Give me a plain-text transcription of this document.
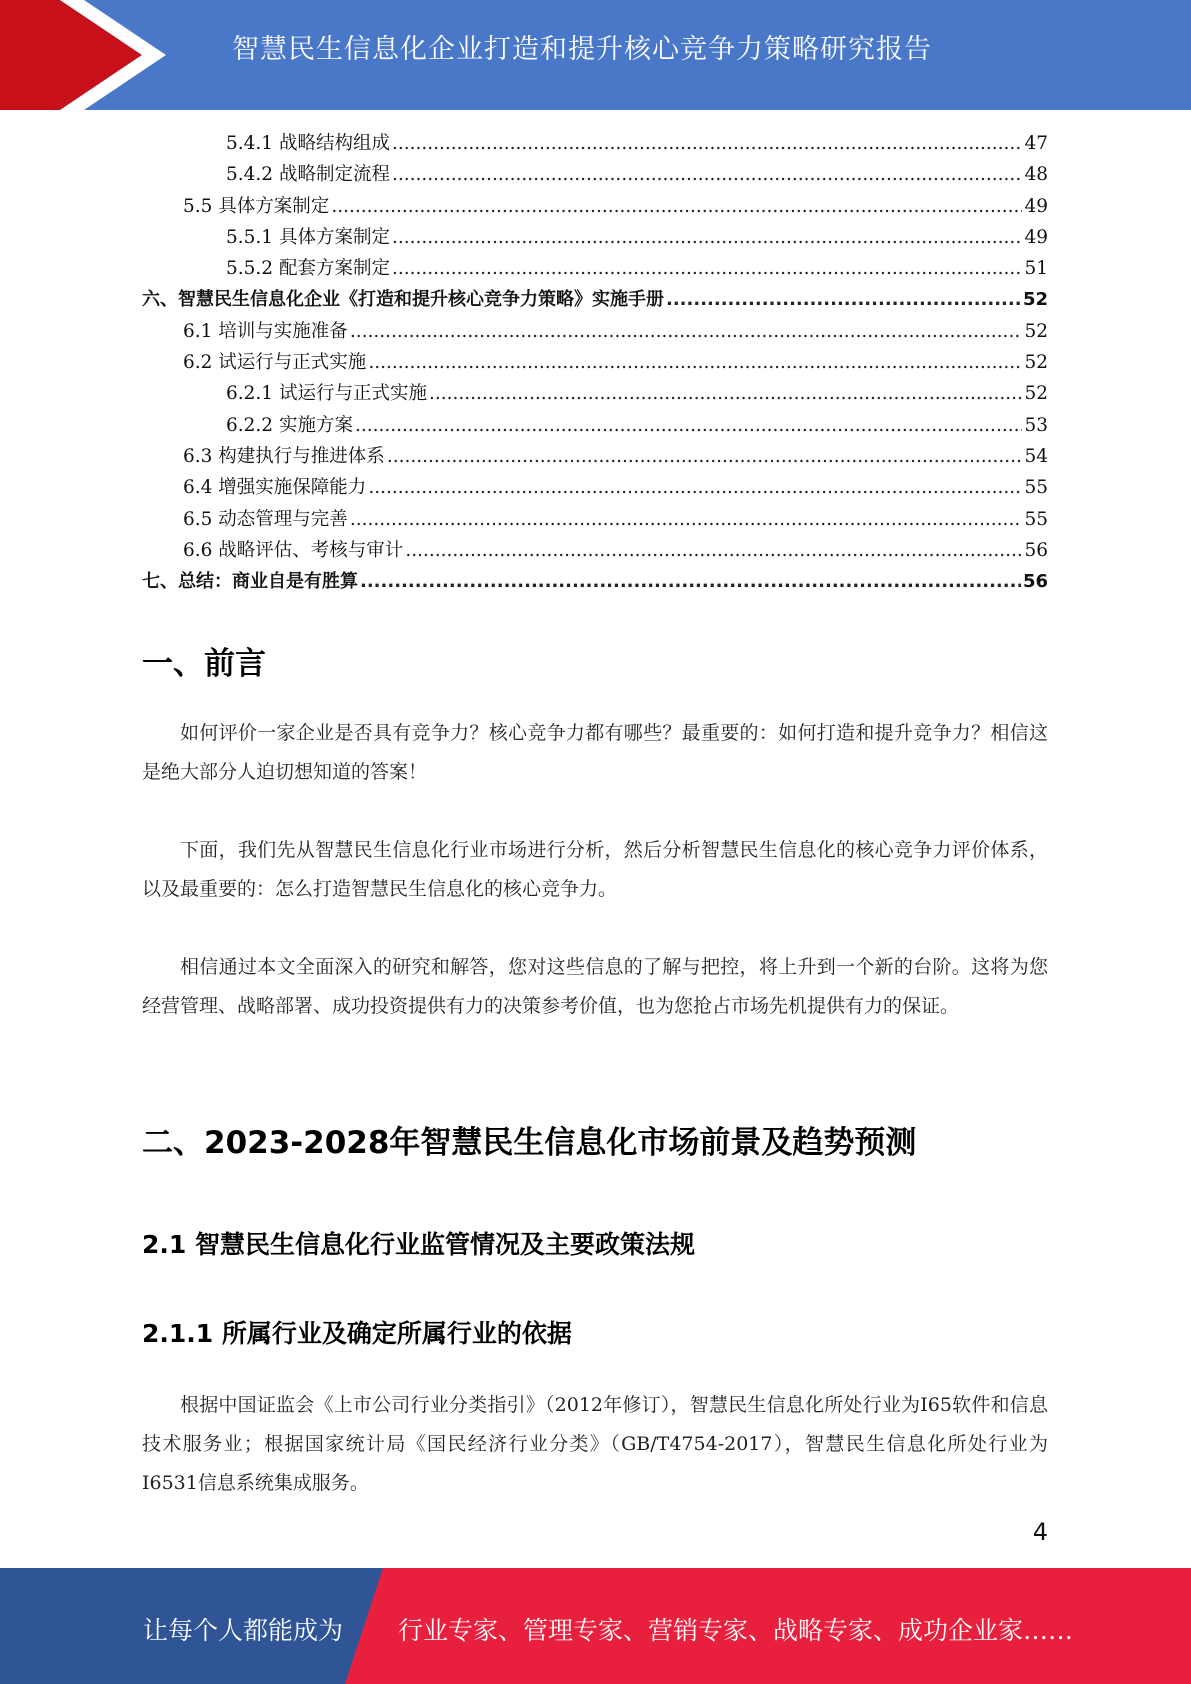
智慧民生信息化企业打造和提升核心竞争力策略研究报告
5.4.1 战略结构组成 .....	47
5.4.2 战略制定流程 .....	48
5.5 具体方案制定 .....	49
5.5.1 具体方案制定 .....	49
5.5.2 配套方案制定 .....	51
六、智慧民生信息化企业《打造和提升核心竞争力策略》实施手册 .....	52
6.1 培训与实施准备 .....	52
6.2 试运行与正式实施 .....	52
6.2.1 试运行与正式实施 .....	52
6.2.2 实施方案 .....	53
6.3 构建执行与推进体系 .....	54
6.4 增强实施保障能力 .....	55
6.5 动态管理与完善 .....	55
6.6 战略评估、考核与审计 .....	56
七、总结：商业自是有胜算 .....	56
一、前言

如何评价一家企业是否具有竞争力？核心竞争力都有哪些？最重要的：如何打造和提升竞争力？相信这是绝大部分人迫切想知道的答案！

下面，我们先从智慧民生信息化行业市场进行分析，然后分析智慧民生信息化的核心竞争力评价体系，以及最重要的：怎么打造智慧民生信息化的核心竞争力。

相信通过本文全面深入的研究和解答，您对这些信息的了解与把控，将上升到一个新的台阶。这将为您经营管理、战略部署、成功投资提供有力的决策参考价值，也为您抢占市场先机提供有力的保证。

二、2023-2028年智慧民生信息化市场前景及趋势预测
2.1 智慧民生信息化行业监管情况及主要政策法规
2.1.1 所属行业及确定所属行业的依据

根据中国证监会《上市公司行业分类指引》（2012年修订），智慧民生信息化所处行业为I65软件和信息技术服务业；根据国家统计局《国民经济行业分类》（GB/T4754-2017），智慧民生信息化所处行业为I6531信息系统集成服务。

4
让每个人都能成为 行业专家、管理专家、营销专家、战略专家、成功企业家……
